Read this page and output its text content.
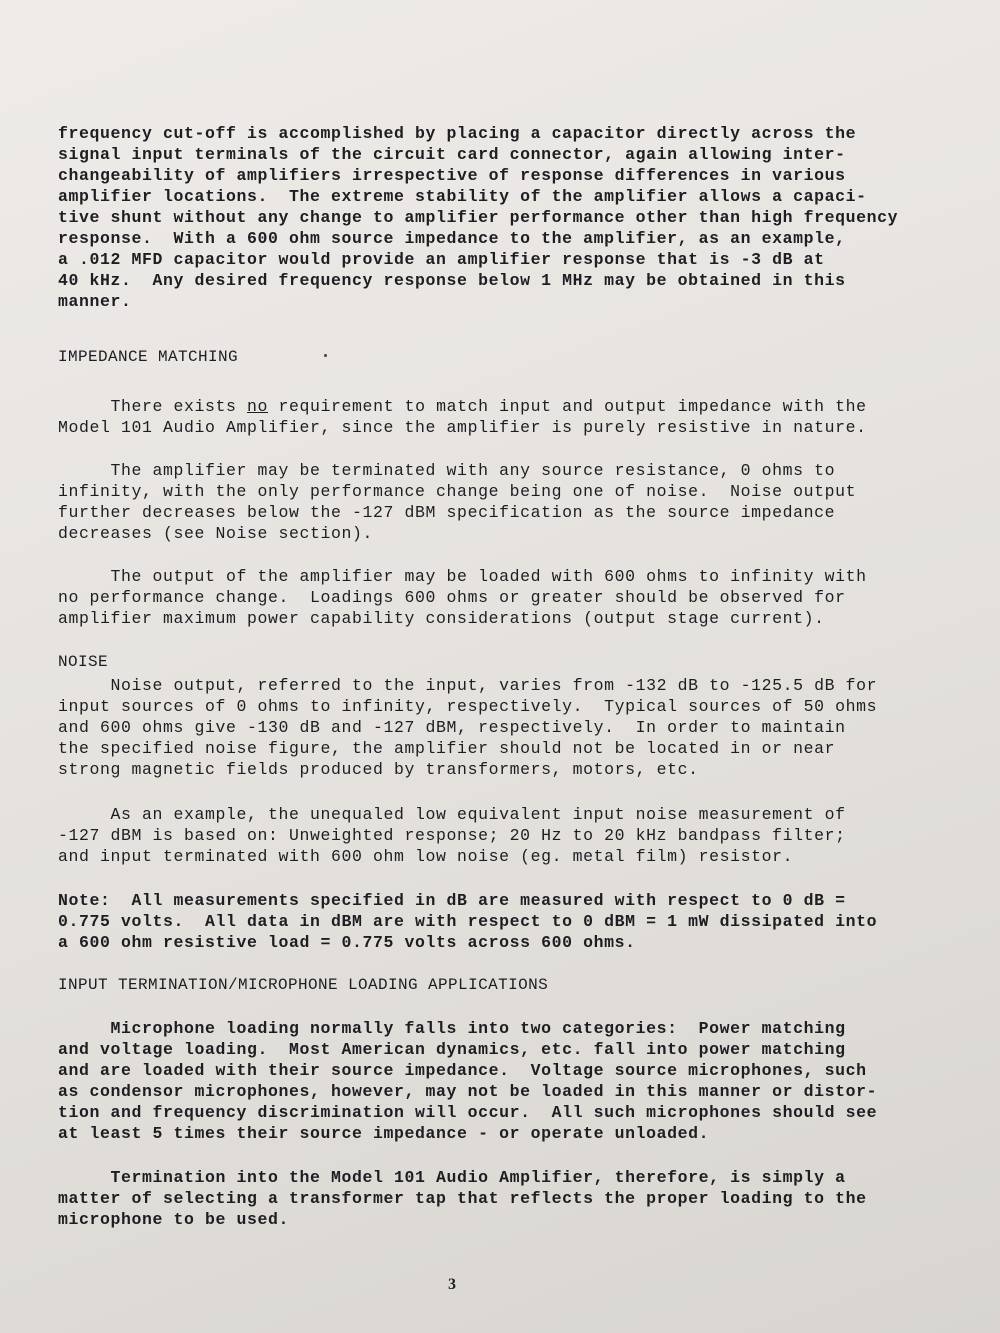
frequency cut-off is accomplished by placing a capacitor directly across the
signal input terminals of the circuit card connector, again allowing inter-
changeability of amplifiers irrespective of response differences in various
amplifier locations.  The extreme stability of the amplifier allows a capaci-
tive shunt without any change to amplifier performance other than high frequency
response.  With a 600 ohm source impedance to the amplifier, as an example,
a .012 MFD capacitor would provide an amplifier response that is -3 dB at
40 kHz.  Any desired frequency response below 1 MHz may be obtained in this
manner.
IMPEDANCE MATCHING
There exists no requirement to match input and output impedance with the
Model 101 Audio Amplifier, since the amplifier is purely resistive in nature.
The amplifier may be terminated with any source resistance, 0 ohms to
infinity, with the only performance change being one of noise.  Noise output
further decreases below the -127 dBM specification as the source impedance
decreases (see Noise section).
The output of the amplifier may be loaded with 600 ohms to infinity with
no performance change.  Loadings 600 ohms or greater should be observed for
amplifier maximum power capability considerations (output stage current).
NOISE
Noise output, referred to the input, varies from -132 dB to -125.5 dB for
input sources of 0 ohms to infinity, respectively.  Typical sources of 50 ohms
and 600 ohms give -130 dB and -127 dBM, respectively.  In order to maintain
the specified noise figure, the amplifier should not be located in or near
strong magnetic fields produced by transformers, motors, etc.
As an example, the unequaled low equivalent input noise measurement of
-127 dBM is based on: Unweighted response; 20 Hz to 20 kHz bandpass filter;
and input terminated with 600 ohm low noise (eg. metal film) resistor.
Note:  All measurements specified in dB are measured with respect to 0 dB =
0.775 volts.  All data in dBM are with respect to 0 dBM = 1 mW dissipated into
a 600 ohm resistive load = 0.775 volts across 600 ohms.
INPUT TERMINATION/MICROPHONE LOADING APPLICATIONS
Microphone loading normally falls into two categories:  Power matching
and voltage loading.  Most American dynamics, etc. fall into power matching
and are loaded with their source impedance.  Voltage source microphones, such
as condensor microphones, however, may not be loaded in this manner or distor-
tion and frequency discrimination will occur.  All such microphones should see
at least 5 times their source impedance - or operate unloaded.
Termination into the Model 101 Audio Amplifier, therefore, is simply a
matter of selecting a transformer tap that reflects the proper loading to the
microphone to be used.
3
